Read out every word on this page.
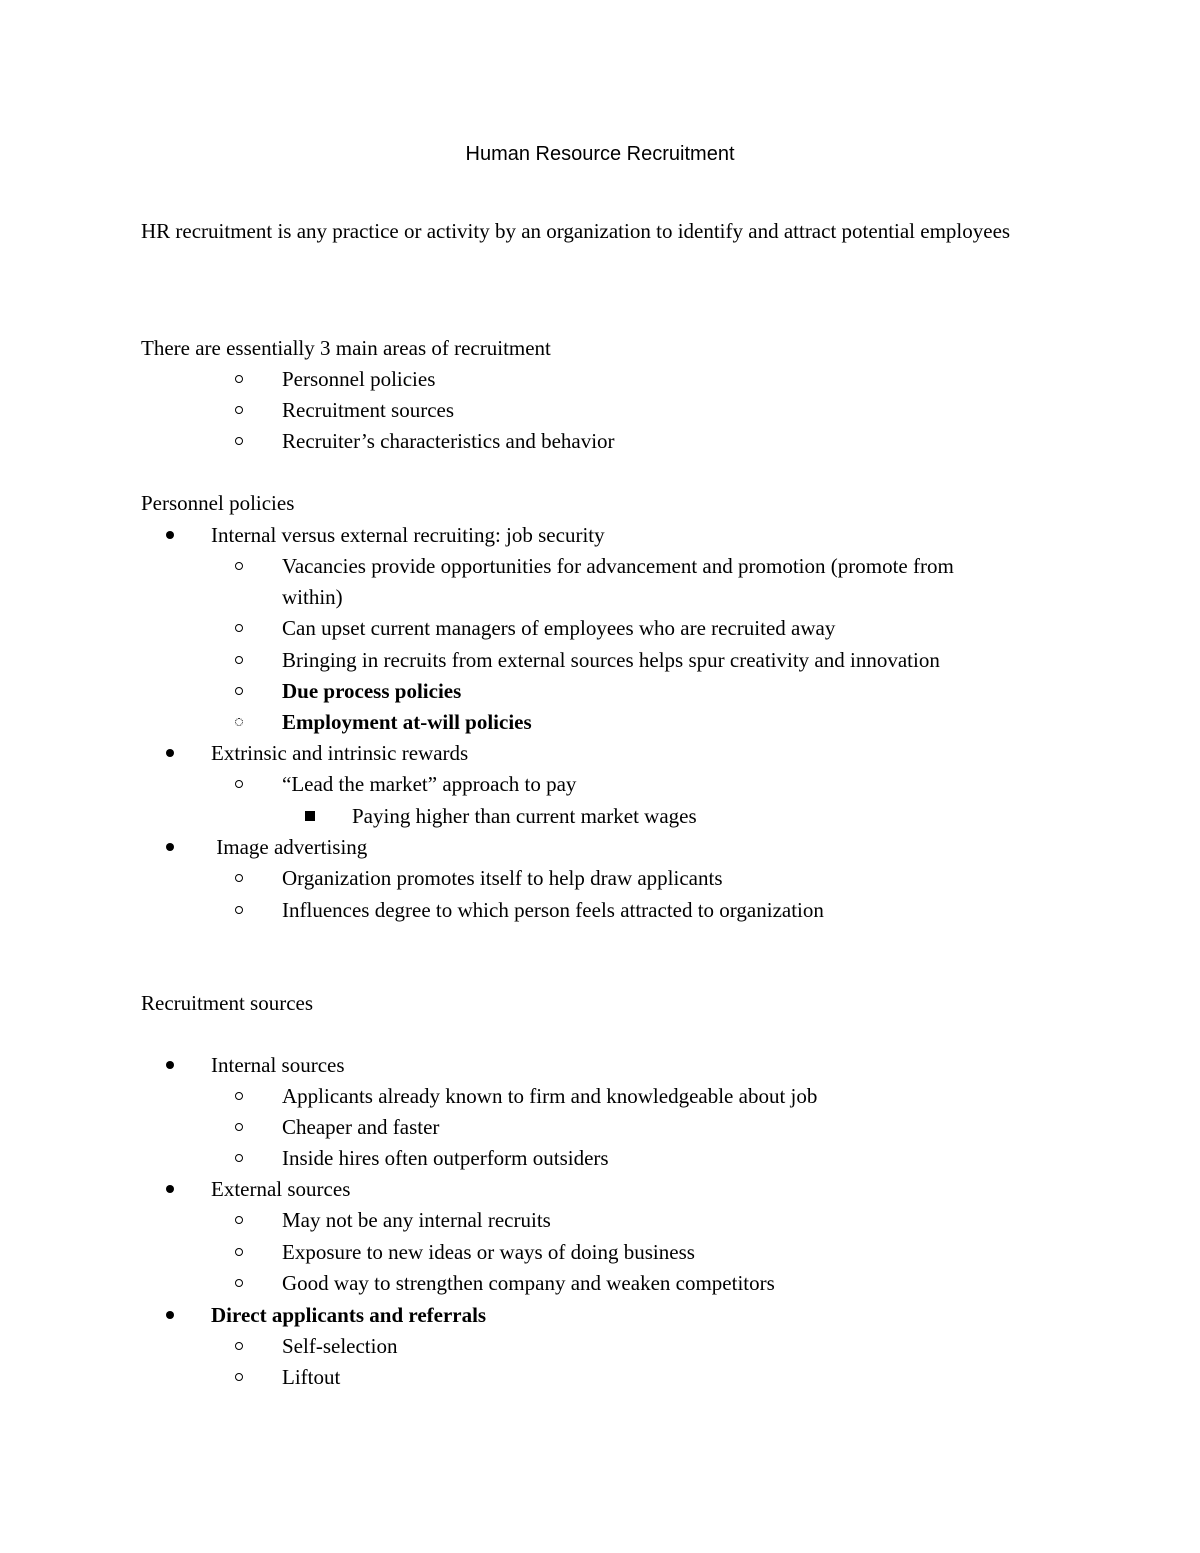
Human Resource Recruitment
HR recruitment is any practice or activity by an organization to identify and attract potential employees
There are essentially 3 main areas of recruitment
Personnel policies
Recruitment sources
Recruiter’s characteristics and behavior
Personnel policies
Internal versus external recruiting: job security
Vacancies provide opportunities for advancement and promotion (promote from
within)
Can upset current managers of employees who are recruited away
Bringing in recruits from external sources helps spur creativity and innovation
Due process policies
Employment at-will policies
Extrinsic and intrinsic rewards
“Lead the market” approach to pay
Paying higher than current market wages
Image advertising
Organization promotes itself to help draw applicants
Influences degree to which person feels attracted to organization
Recruitment sources
Internal sources
Applicants already known to firm and knowledgeable about job
Cheaper and faster
Inside hires often outperform outsiders
External sources
May not be any internal recruits
Exposure to new ideas or ways of doing business
Good way to strengthen company and weaken competitors
Direct applicants and referrals
Self-selection
Liftout
